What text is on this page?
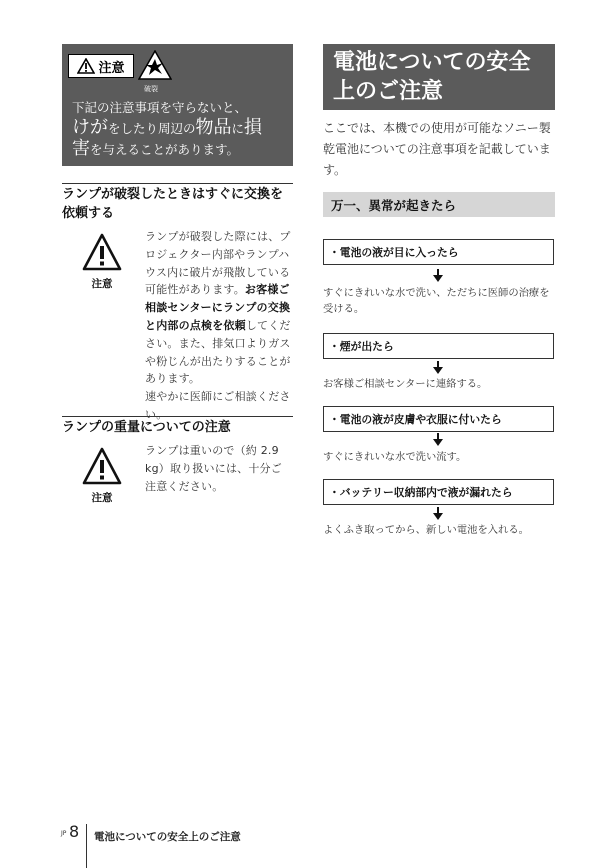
注意
破裂
下記の注意事項を守らないと、
けがをしたり周辺の物品に損
害を与えることがあります。
ランプが破裂したときはすぐに交換を依頼する
注意
ランプが破裂した際には、プロジェクター内部やランプハウス内に破片が飛散している可能性があります。お客様ご相談センターにランプの交換と内部の点検を依頼してください。また、排気口よりガスや粉じんが出たりすることがあります。
速やかに医師にご相談ください。
ランプの重量についての注意
注意
ランプは重いので（約 2.9 kg）取り扱いには、十分ご注意ください。
電池についての安全
上のご注意
ここでは、本機での使用が可能なソニー製乾電池についての注意事項を記載しています。
万一、異常が起きたら
・電池の液が目に入ったら
すぐにきれいな水で洗い、ただちに医師の治療を受ける。
・煙が出たら
お客様ご相談センターに連絡する。
・電池の液が皮膚や衣服に付いたら
すぐにきれいな水で洗い流す。
・バッテリー収納部内で液が漏れたら
よくふき取ってから、新しい電池を入れる。
JP 8 電池についての安全上のご注意
